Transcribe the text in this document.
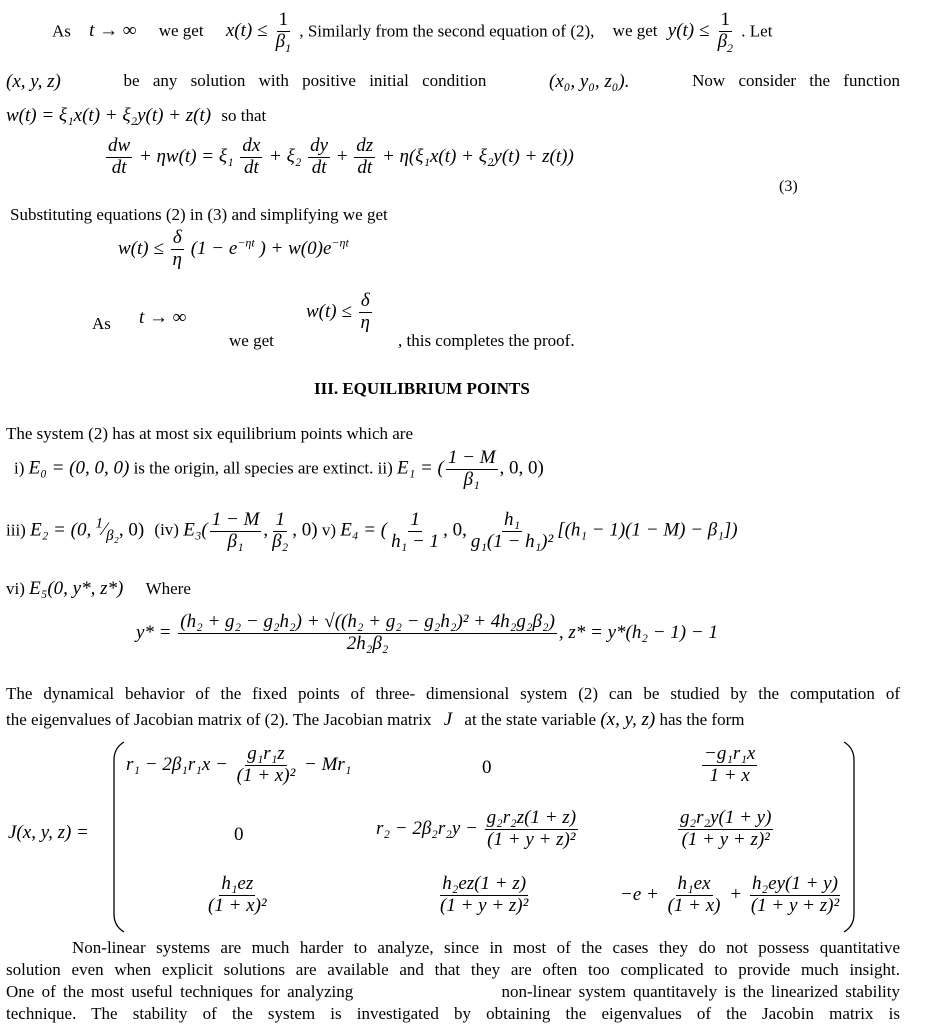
As t → ∞ we get $x(t) \le \frac{1}{\beta_1}$ , Similarly from the second equation of (2), we get $y(t) \le \frac{1}{\beta_2}$ . Let
(x, y, z)	be any solution with positive initial condition	(x₀, y₀, z₀).	Now consider the function
w(t) = ξ₁x(t) + ξ₂y(t) + z(t) so that
$\frac{dw}{dt} + \eta w(t) = \xi_1 \frac{dx}{dt} + \xi_2 \frac{dy}{dt} + \frac{dz}{dt} + \eta(\xi_1x(t) + \xi_2y(t) + z(t))$
(3)
Substituting equations (2) in (3) and simplifying we get
$w(t) \le \frac{\delta}{\eta} (1 - e^{-\eta t}$ ) + $w(0)e^{-\eta t}$
As t → ∞
we get
$w(t) \le \frac{\delta}{\eta}$
, this completes the proof.
III. EQUILIBRIUM POINTS
The system (2) has at most six equilibrium points which are
i) E₀ = (0, 0, 0) is the origin, all species are extinct. ii) E₁ = ( $\frac{1 - M}{\text{β₁}}$ , 0, 0)
iii) E₂ = (0, $^1⁄_{\beta_2}$, 0) (iv) $E_3( \frac{1 - M}{\text{β₁}}$ , $\frac{1}{\text{β₂}}$ , 0) v) E₄ = ( $\frac{1}{\text{h₁ − 1}}$ , 0, $\frac{\text{h₁}}{\text{g₁(1 − h₁)²}} [(h_1 - 1)(1 - M) - \beta_1]$)
vi) E₅(0, y*, z*) Where
$y* = \frac{\text{(h₂ + g₂ − g₂h₂) + √((h₂ + g₂ − g₂h₂)² + 4h₂g₂β₂)}}{\text{2h₂β₂}}$ , z* = y*(h₂ − 1) − 1
The dynamical behavior of the fixed points of three- dimensional system (2) can be studied by the computation of
the eigenvalues of Jacobian matrix of (2). The Jacobian matrix J at the state variable (x, y, z) has the form
J(x, y, z) =
$r_1 - 2\beta_1r_1x - \frac{\text{g₁r₁z}}{\text{(1 + x)²}} - Mr_1$	0	$\frac{\text{−g₁r₁x}}{1 + x}$
0	$r_2 - 2\beta_2r_2y - \frac{\text{g₂r₂z(1 + z)}}{\text{(1 + y + z)²}}$	$\frac{\text{g₂r₂y(1 + y)}}{\text{(1 + y + z)²}}$
$\frac{\text{h₁ez}}{\text{(1 + x)²}}$	$\frac{\text{h₂ez(1 + z)}}{\text{(1 + y + z)²}}$	$-e + \frac{\text{h₁ex}}{(1 + x)} + \frac{\text{h₂ey(1 + y)}}{\text{(1 + y + z)²}}$
Non-linear systems are much harder to analyze, since in most of the cases they do not possess quantitative
solution even when explicit solutions are available and that they are often too complicated to provide much insight.
One of the most useful techniques for analyzing	non-linear system quantitavely is the linearized stability
technique. The stability of the system is investigated by obtaining the eigenvalues of the Jacobin matrix is
